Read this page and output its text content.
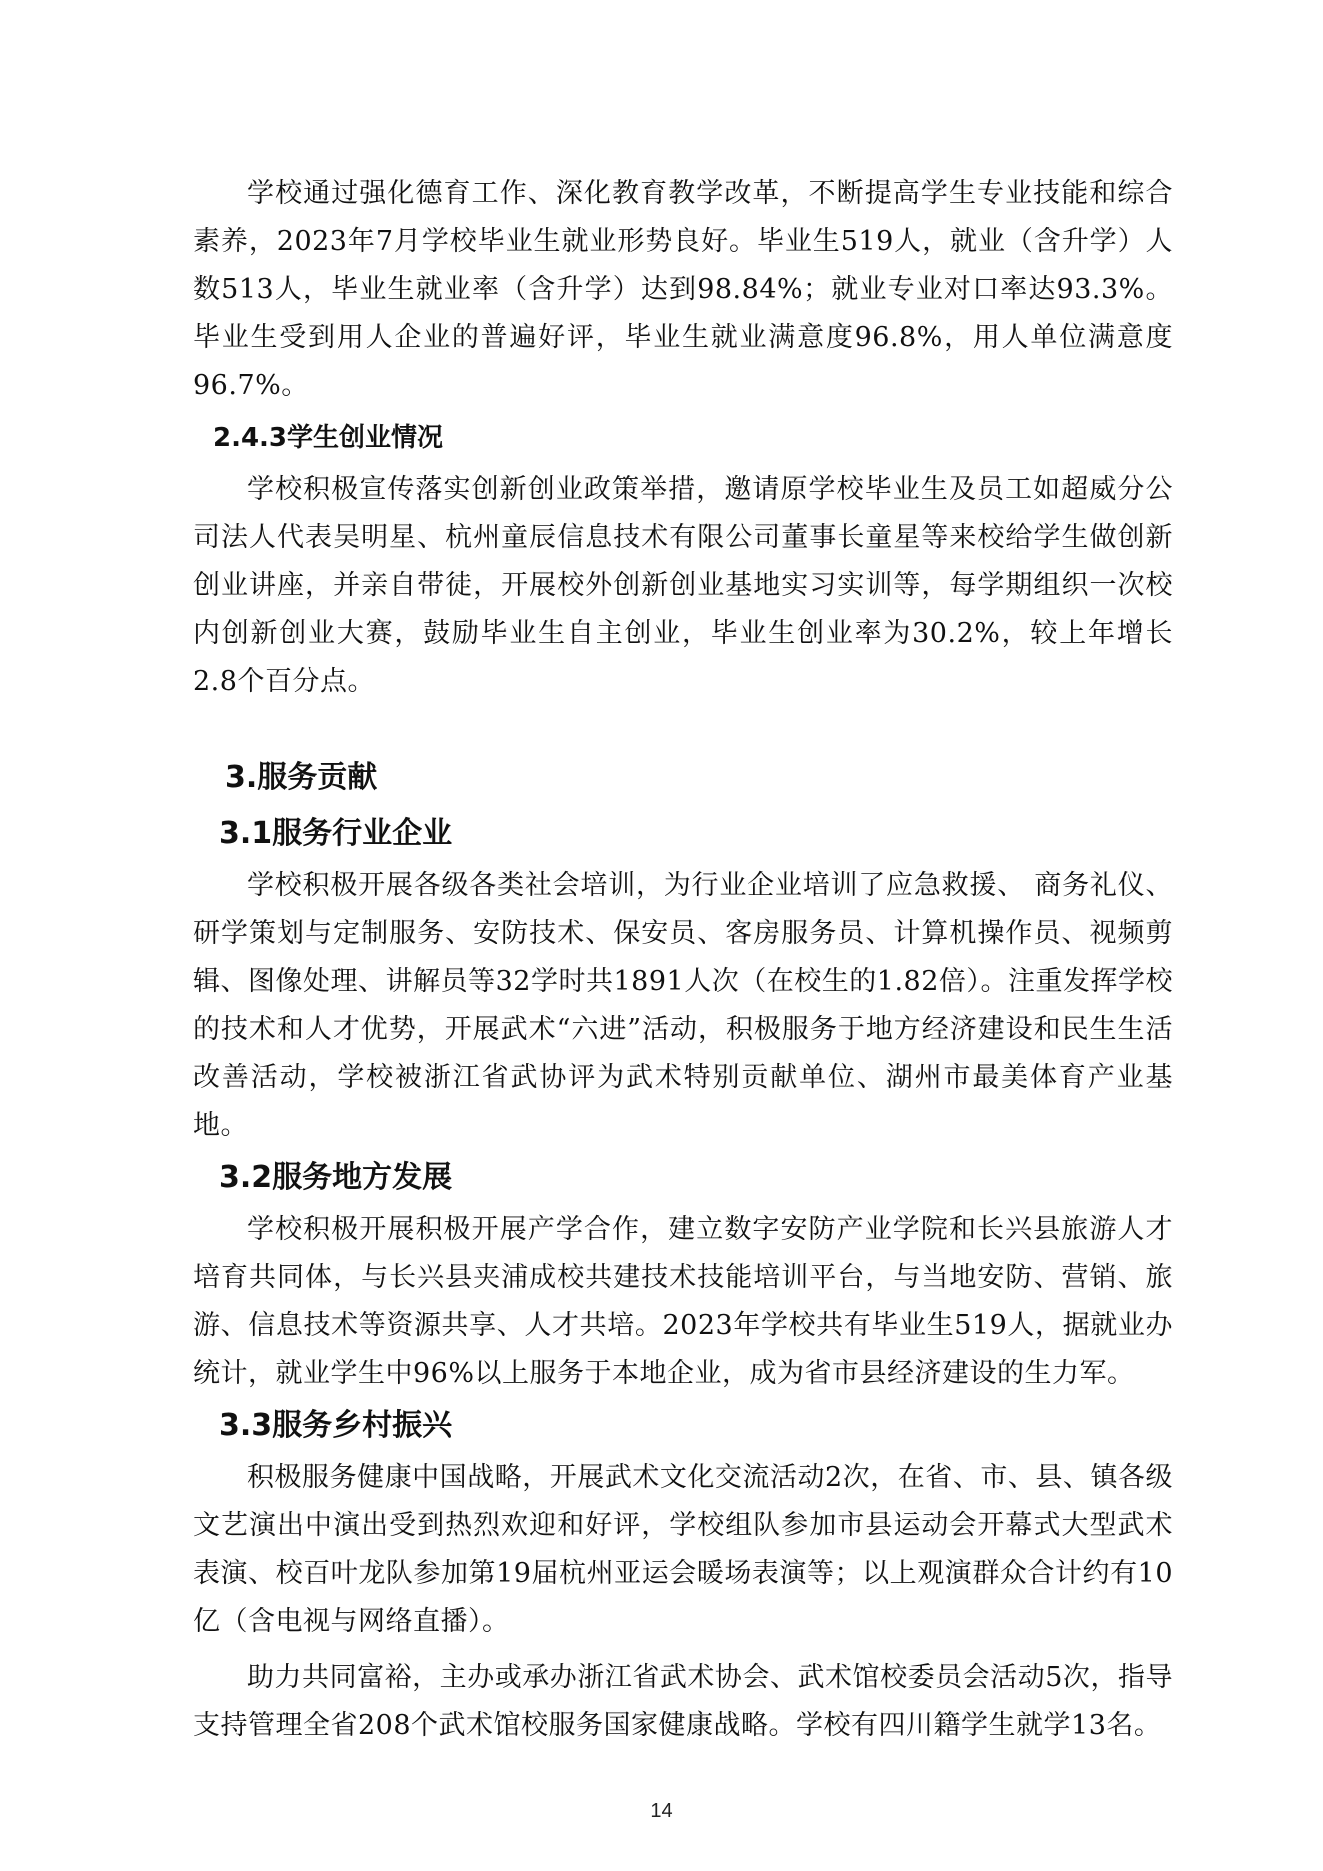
学校通过强化德育工作、深化教育教学改革，不断提高学生专业技能和综合素养，2023年7月学校毕业生就业形势良好。毕业生519人，就业（含升学）人数513人，毕业生就业率（含升学）达到98.84%；就业专业对口率达93.3%。毕业生受到用人企业的普遍好评，毕业生就业满意度96.8%，用人单位满意度96.7%。

2.4.3学生创业情况

学校积极宣传落实创新创业政策举措，邀请原学校毕业生及员工如超威分公司法人代表吴明星、杭州童辰信息技术有限公司董事长童星等来校给学生做创新创业讲座，并亲自带徒，开展校外创新创业基地实习实训等，每学期组织一次校内创新创业大赛，鼓励毕业生自主创业，毕业生创业率为30.2%，较上年增长2.8个百分点。

3.服务贡献
3.1服务行业企业

学校积极开展各级各类社会培训，为行业企业培训了应急救援、 商务礼仪、研学策划与定制服务、安防技术、保安员、客房服务员、计算机操作员、视频剪辑、图像处理、讲解员等32学时共1891人次（在校生的1.82倍）。注重发挥学校的技术和人才优势，开展武术“六进”活动，积极服务于地方经济建设和民生生活改善活动，学校被浙江省武协评为武术特别贡献单位、湖州市最美体育产业基地。

3.2服务地方发展

学校积极开展积极开展产学合作，建立数字安防产业学院和长兴县旅游人才培育共同体，与长兴县夹浦成校共建技术技能培训平台，与当地安防、营销、旅游、信息技术等资源共享、人才共培。2023年学校共有毕业生519人，据就业办统计，就业学生中96%以上服务于本地企业，成为省市县经济建设的生力军。

3.3服务乡村振兴

积极服务健康中国战略，开展武术文化交流活动2次，在省、市、县、镇各级文艺演出中演出受到热烈欢迎和好评，学校组队参加市县运动会开幕式大型武术表演、校百叶龙队参加第19届杭州亚运会暖场表演等；以上观演群众合计约有10亿（含电视与网络直播）。

助力共同富裕，主办或承办浙江省武术协会、武术馆校委员会活动5次，指导支持管理全省208个武术馆校服务国家健康战略。学校有四川籍学生就学13名。

14
